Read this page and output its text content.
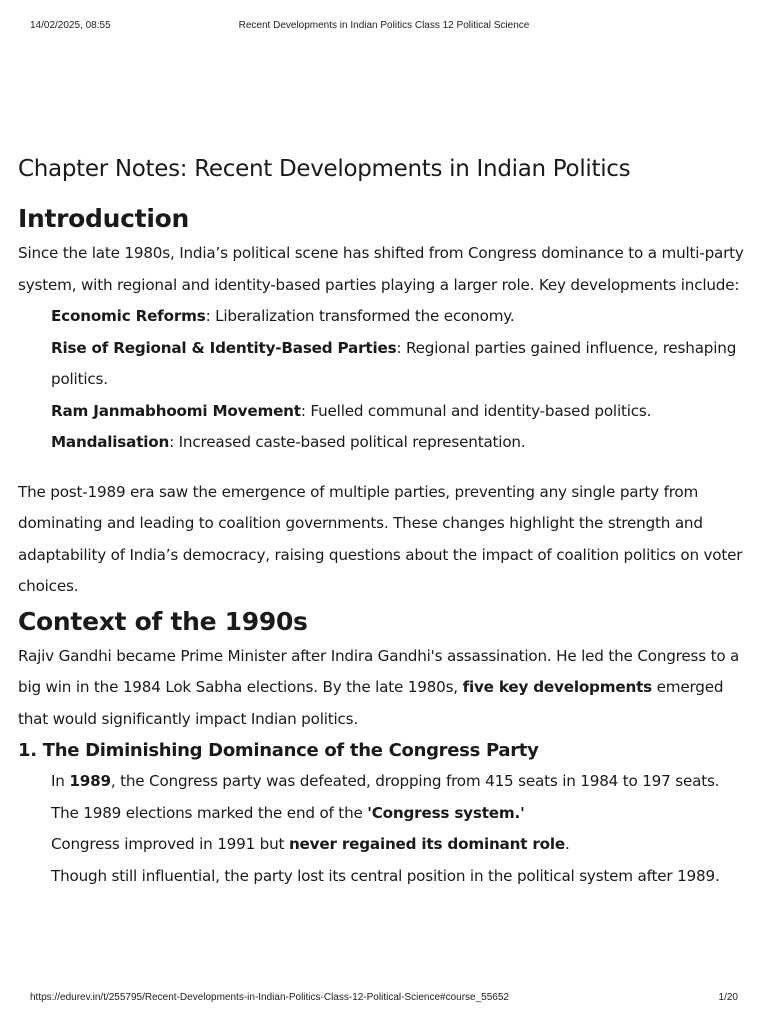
14/02/2025, 08:55	Recent Developments in Indian Politics Class 12 Political Science
Chapter Notes: Recent Developments in Indian Politics
Introduction

Since the late 1980s, India’s political scene has shifted from Congress dominance to a multi-party system, with regional and identity-based parties playing a larger role. Key developments include:

Economic Reforms: Liberalization transformed the economy.
Rise of Regional & Identity-Based Parties: Regional parties gained influence, reshaping politics.
Ram Janmabhoomi Movement: Fuelled communal and identity-based politics.
Mandalisation: Increased caste-based political representation.

The post-1989 era saw the emergence of multiple parties, preventing any single party from dominating and leading to coalition governments. These changes highlight the strength and adaptability of India’s democracy, raising questions about the impact of coalition politics on voter choices.

Context of the 1990s

Rajiv Gandhi became Prime Minister after Indira Gandhi's assassination. He led the Congress to a big win in the 1984 Lok Sabha elections. By the late 1980s, five key developments emerged that would significantly impact Indian politics.

1. The Diminishing Dominance of the Congress Party
In 1989, the Congress party was defeated, dropping from 415 seats in 1984 to 197 seats.
The 1989 elections marked the end of the 'Congress system.'
Congress improved in 1991 but never regained its dominant role.
Though still influential, the party lost its central position in the political system after 1989.
https://edurev.in/t/255795/Recent-Developments-in-Indian-Politics-Class-12-Political-Science#course_55652	1/20
